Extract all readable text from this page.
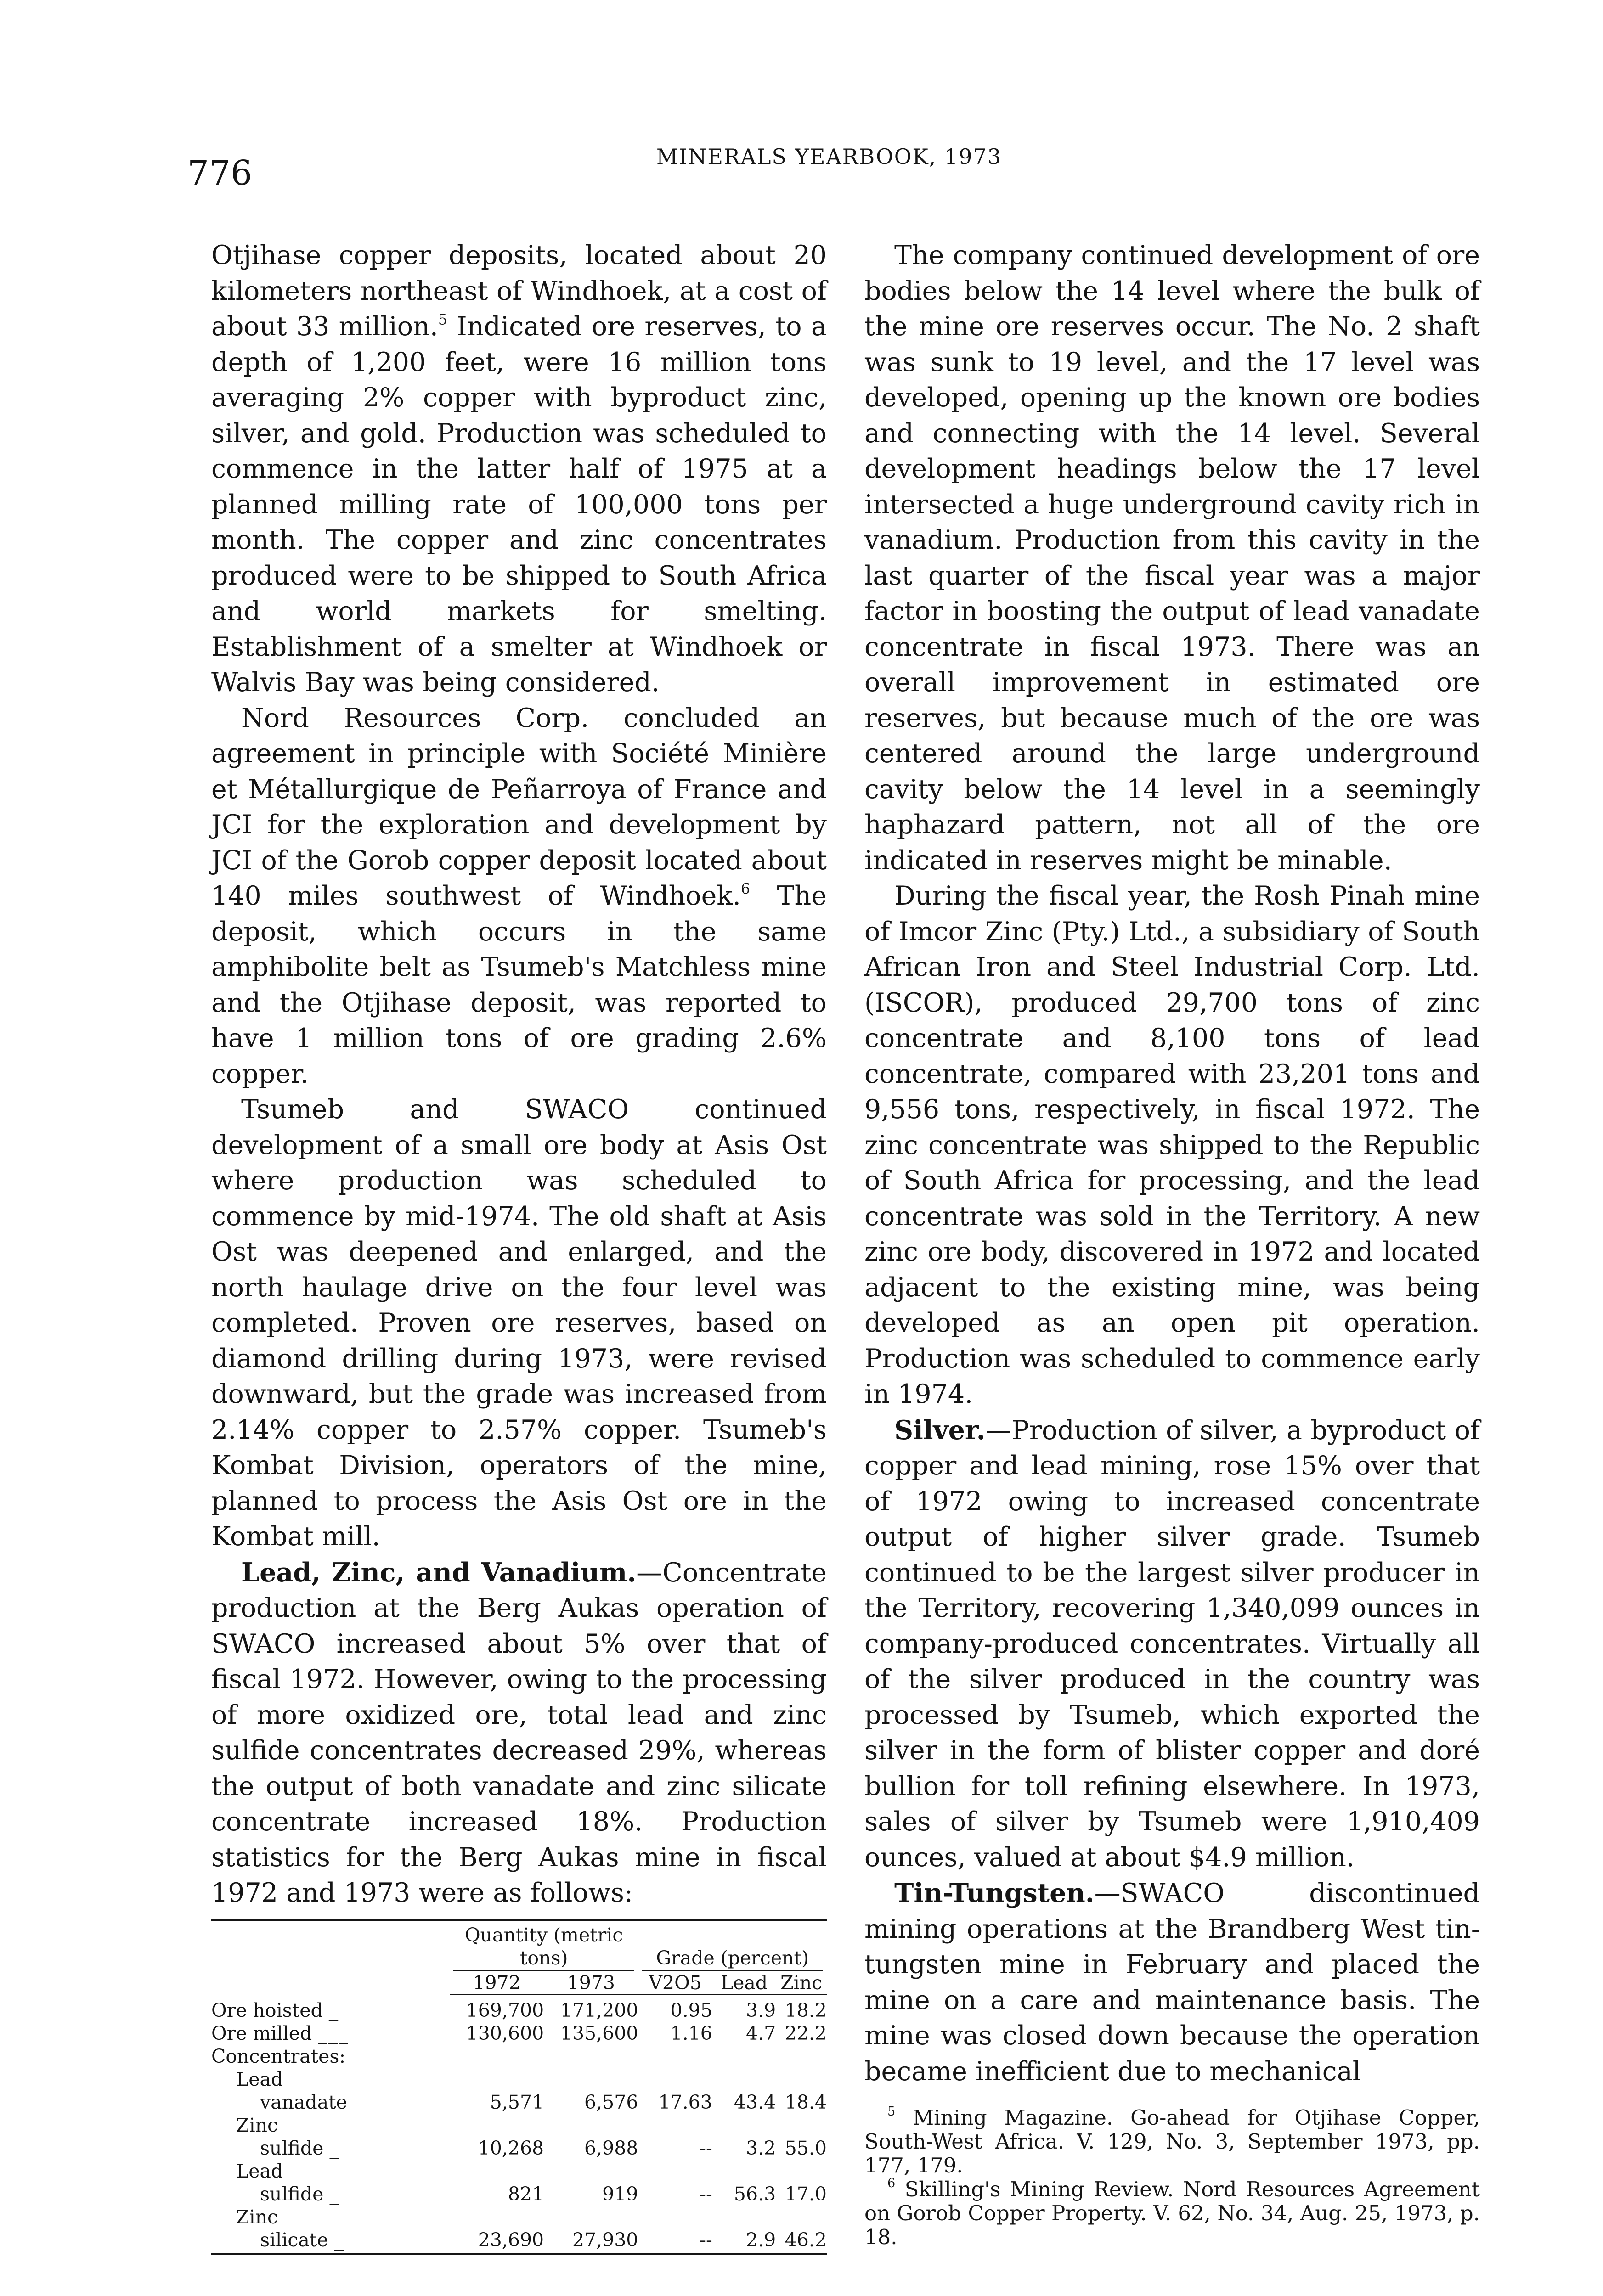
776	MINERALS YEARBOOK, 1973

Otjihase copper deposits, located about 20 kilometers northeast of Windhoek, at a cost of about 33 million.$^5$ Indicated ore reserves, to a depth of 1,200 feet, were 16 million tons averaging 2% copper with byproduct zinc, silver, and gold. Production was scheduled to commence in the latter half of 1975 at a planned milling rate of 100,000 tons per month. The copper and zinc concentrates produced were to be shipped to South Africa and world markets for smelting. Establishment of a smelter at Windhoek or Walvis Bay was being considered.

Nord Resources Corp. concluded an agreement in principle with Société Minière et Métallurgique de Peñarroya of France and JCI for the exploration and development by JCI of the Gorob copper deposit located about 140 miles southwest of Windhoek.$^6$ The deposit, which occurs in the same amphibolite belt as Tsumeb's Matchless mine and the Otjihase deposit, was reported to have 1 million tons of ore grading 2.6% copper.

Tsumeb and SWACO continued development of a small ore body at Asis Ost where production was scheduled to commence by mid-1974. The old shaft at Asis Ost was deepened and enlarged, and the north haulage drive on the four level was completed. Proven ore reserves, based on diamond drilling during 1973, were revised downward, but the grade was increased from 2.14% copper to 2.57% copper. Tsumeb's Kombat Division, operators of the mine, planned to process the Asis Ost ore in the Kombat mill.

Lead, Zinc, and Vanadium.—Concentrate production at the Berg Aukas operation of SWACO increased about 5% over that of fiscal 1972. However, owing to the processing of more oxidized ore, total lead and zinc sulfide concentrates decreased 29%, whereas the output of both vanadate and zinc silicate concentrate increased 18%. Production statistics for the Berg Aukas mine in fiscal 1972 and 1973 were as follows:

	Quantity (metric tons)		Grade (percent)		

	1972	1973	V2O5	Lead	Zinc
Ore hoisted _	169,700	171,200	0.95	3.9	18.2
Ore milled ___	130,600	135,600	1.16	4.7	22.2
Concentrates:					
Lead					
vanadate	5,571	6,576	17.63	43.4	18.4
Zinc					
sulfide _	10,268	6,988	--	3.2	55.0
Lead					
sulfide _	821	919	--	56.3	17.0
Zinc					
silicate _	23,690	27,930	--	2.9	46.2

The company continued development of ore bodies below the 14 level where the bulk of the mine ore reserves occur. The No. 2 shaft was sunk to 19 level, and the 17 level was developed, opening up the known ore bodies and connecting with the 14 level. Several development headings below the 17 level intersected a huge underground cavity rich in vanadium. Production from this cavity in the last quarter of the fiscal year was a major factor in boosting the output of lead vanadate concentrate in fiscal 1973. There was an overall improvement in estimated ore reserves, but because much of the ore was centered around the large underground cavity below the 14 level in a seemingly haphazard pattern, not all of the ore indicated in reserves might be minable.

During the fiscal year, the Rosh Pinah mine of Imcor Zinc (Pty.) Ltd., a subsidiary of South African Iron and Steel Industrial Corp. Ltd. (ISCOR), produced 29,700 tons of zinc concentrate and 8,100 tons of lead concentrate, compared with 23,201 tons and 9,556 tons, respectively, in fiscal 1972. The zinc concentrate was shipped to the Republic of South Africa for processing, and the lead concentrate was sold in the Territory. A new zinc ore body, discovered in 1972 and located adjacent to the existing mine, was being developed as an open pit operation. Production was scheduled to commence early in 1974.

Silver.—Production of silver, a byproduct of copper and lead mining, rose 15% over that of 1972 owing to increased concentrate output of higher silver grade. Tsumeb continued to be the largest silver producer in the Territory, recovering 1,340,099 ounces in company-produced concentrates. Virtually all of the silver produced in the country was processed by Tsumeb, which exported the silver in the form of blister copper and doré bullion for toll refining elsewhere. In 1973, sales of silver by Tsumeb were 1,910,409 ounces, valued at about $4.9 million.

Tin-Tungsten.—SWACO discontinued mining operations at the Brandberg West tin-tungsten mine in February and placed the mine on a care and maintenance basis. The mine was closed down because the operation became inefficient due to mechanical

$^5$ Mining Magazine. Go-ahead for Otjihase Copper, South-West Africa. V. 129, No. 3, September 1973, pp. 177, 179.

$^6$ Skilling's Mining Review. Nord Resources Agreement on Gorob Copper Property. V. 62, No. 34, Aug. 25, 1973, p. 18.
